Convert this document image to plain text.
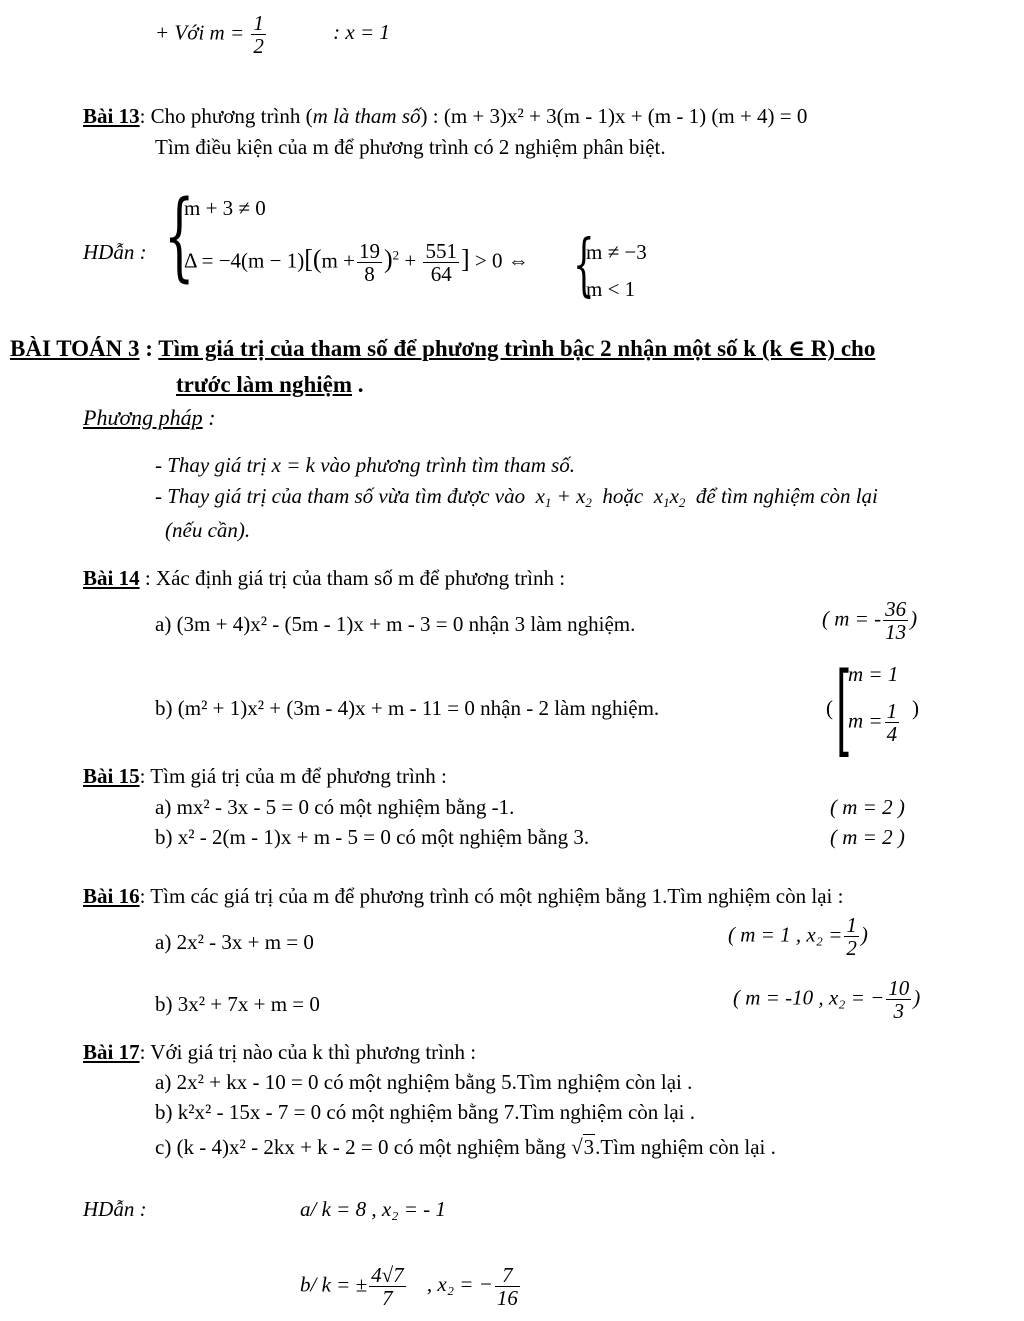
+ Với $m = \frac{1}{2}$	: x = 1
Bài 13: Cho phương trình (m là tham số) : (m + 3)x² + 3(m - 1)x + (m - 1) (m + 4) = 0
Tìm điều kiện của m để phương trình có 2 nghiệm phân biệt.
HDẫn : {
m + 3 ≠ 0
$\Delta = -4(m - 1)[(m + \frac{19}{8} )^2 + \frac{551}{64}$ ] > 0 ⇔ {
m ≠ −3
m < 1
BÀI TOÁN 3 : Tìm giá trị của tham số để phương trình bậc 2 nhận một số k (k ∈ R) cho
trước làm nghiệm .
Phương pháp :
- Thay giá trị x = k vào phương trình tìm tham số.
- Thay giá trị của tham số vừa tìm được vào  $x_1 + x_2$ hoặc  $x_1x_2$ để tìm nghiệm còn lại
(nếu cần).
Bài 14 : Xác định giá trị của tham số m để phương trình :
a) (3m + 4)x² - (5m - 1)x + m - 3 = 0 nhận 3 làm nghiệm.	( m = - $\frac{36}{13}$ )
b) (m² + 1)x² + (3m - 4)x + m - 11 = 0 nhận - 2 làm nghiệm.	( [
m = 1
$m = \frac{1}{4}$ )
Bài 15: Tìm giá trị của m để phương trình :
a) mx² - 3x - 5 = 0 có một nghiệm bằng -1.	( m = 2 )
b) x² - 2(m - 1)x + m - 5 = 0 có một nghiệm bằng 3.	( m = 2 )
Bài 16: Tìm các giá trị của m để phương trình có một nghiệm bằng 1.Tìm nghiệm còn lại :
a) 2x² - 3x + m = 0	( m = 1 , $x_2 = \frac{1}{2}$ )
b) 3x² + 7x + m = 0	( m = -10 , x₂ = − $\frac{10}{3}$ )
Bài 17: Với giá trị nào của k thì phương trình :
a) 2x² + kx - 10 = 0 có một nghiệm bằng 5.Tìm nghiệm còn lại .
b) k²x² - 15x - 7 = 0 có một nghiệm bằng 7.Tìm nghiệm còn lại .
c) (k - 4)x² - 2kx + k - 2 = 0 có một nghiệm bằng √3.Tìm nghiệm còn lại .
HDẫn :	a/ k = 8 , x₂ = - 1
b/ k = ± $\frac{4√7}{7}$ , x₂ = − $\frac{7}{16}$
